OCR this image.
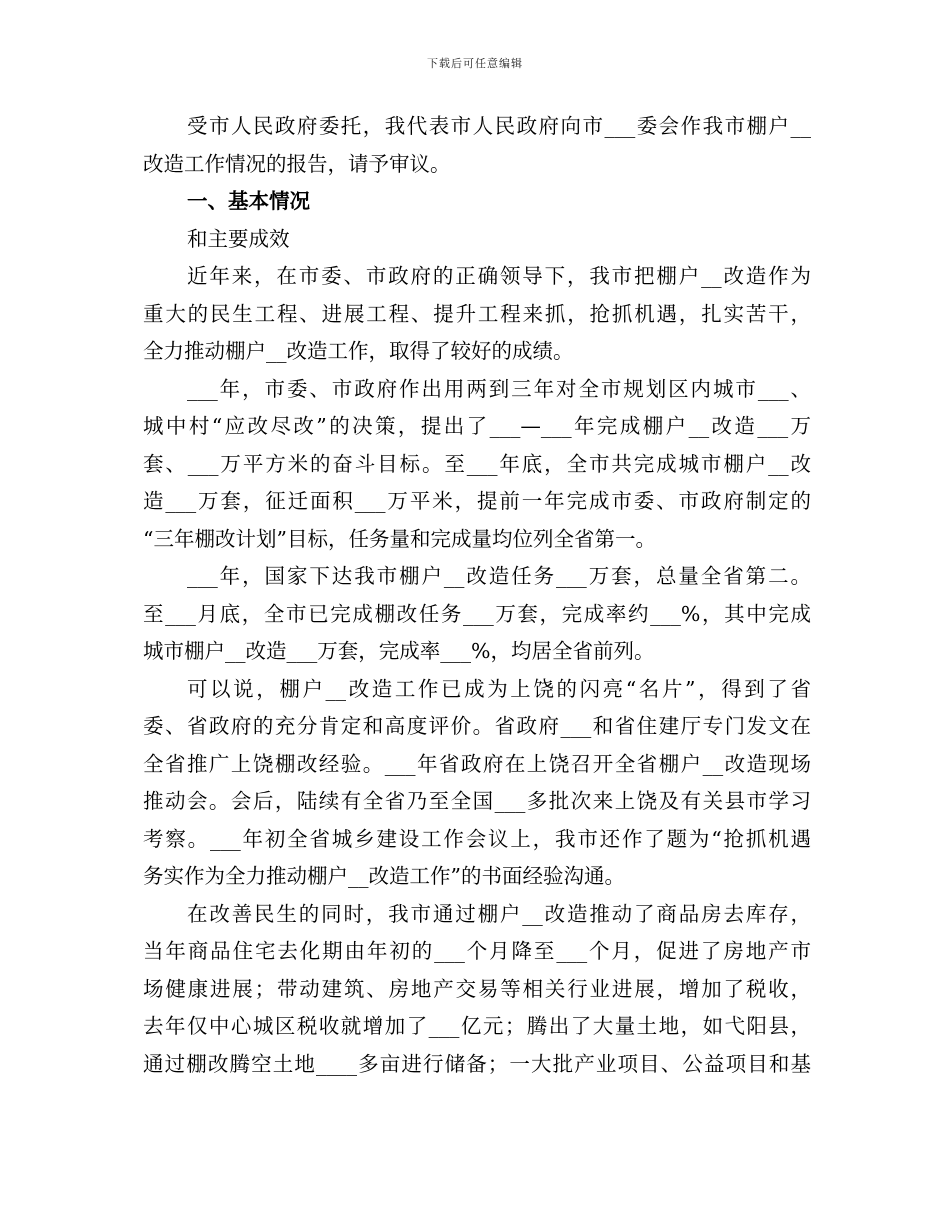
下载后可任意编辑
受市人民政府委托，我代表市人民政府向市___委会作我市棚户__
改造工作情况的报告，请予审议。
一、基本情况
和主要成效
近年来，在市委、市政府的正确领导下，我市把棚户__改造作为
重大的民生工程、进展工程、提升工程来抓，抢抓机遇，扎实苦干，
全力推动棚户__改造工作，取得了较好的成绩。
___年，市委、市政府作出用两到三年对全市规划区内城市___、
城中村“应改尽改”的决策，提出了___—___年完成棚户__改造___万
套、___万平方米的奋斗目标。至___年底，全市共完成城市棚户__改
造___万套，征迁面积___万平米，提前一年完成市委、市政府制定的
“三年棚改计划”目标，任务量和完成量均位列全省第一。
___年，国家下达我市棚户__改造任务___万套，总量全省第二。
至___月底，全市已完成棚改任务___万套，完成率约___%，其中完成
城市棚户__改造___万套，完成率___%，均居全省前列。
可以说，棚户__改造工作已成为上饶的闪亮“名片”，得到了省
委、省政府的充分肯定和高度评价。省政府___和省住建厅专门发文在
全省推广上饶棚改经验。___年省政府在上饶召开全省棚户__改造现场
推动会。会后，陆续有全省乃至全国___多批次来上饶及有关县市学习
考察。___年初全省城乡建设工作会议上，我市还作了题为“抢抓机遇
务实作为全力推动棚户__改造工作”的书面经验沟通。
在改善民生的同时，我市通过棚户__改造推动了商品房去库存，
当年商品住宅去化期由年初的___个月降至___个月，促进了房地产市
场健康进展；带动建筑、房地产交易等相关行业进展，增加了税收，
去年仅中心城区税收就增加了___亿元；腾出了大量土地，如弋阳县，
通过棚改腾空土地____多亩进行储备；一大批产业项目、公益项目和基
